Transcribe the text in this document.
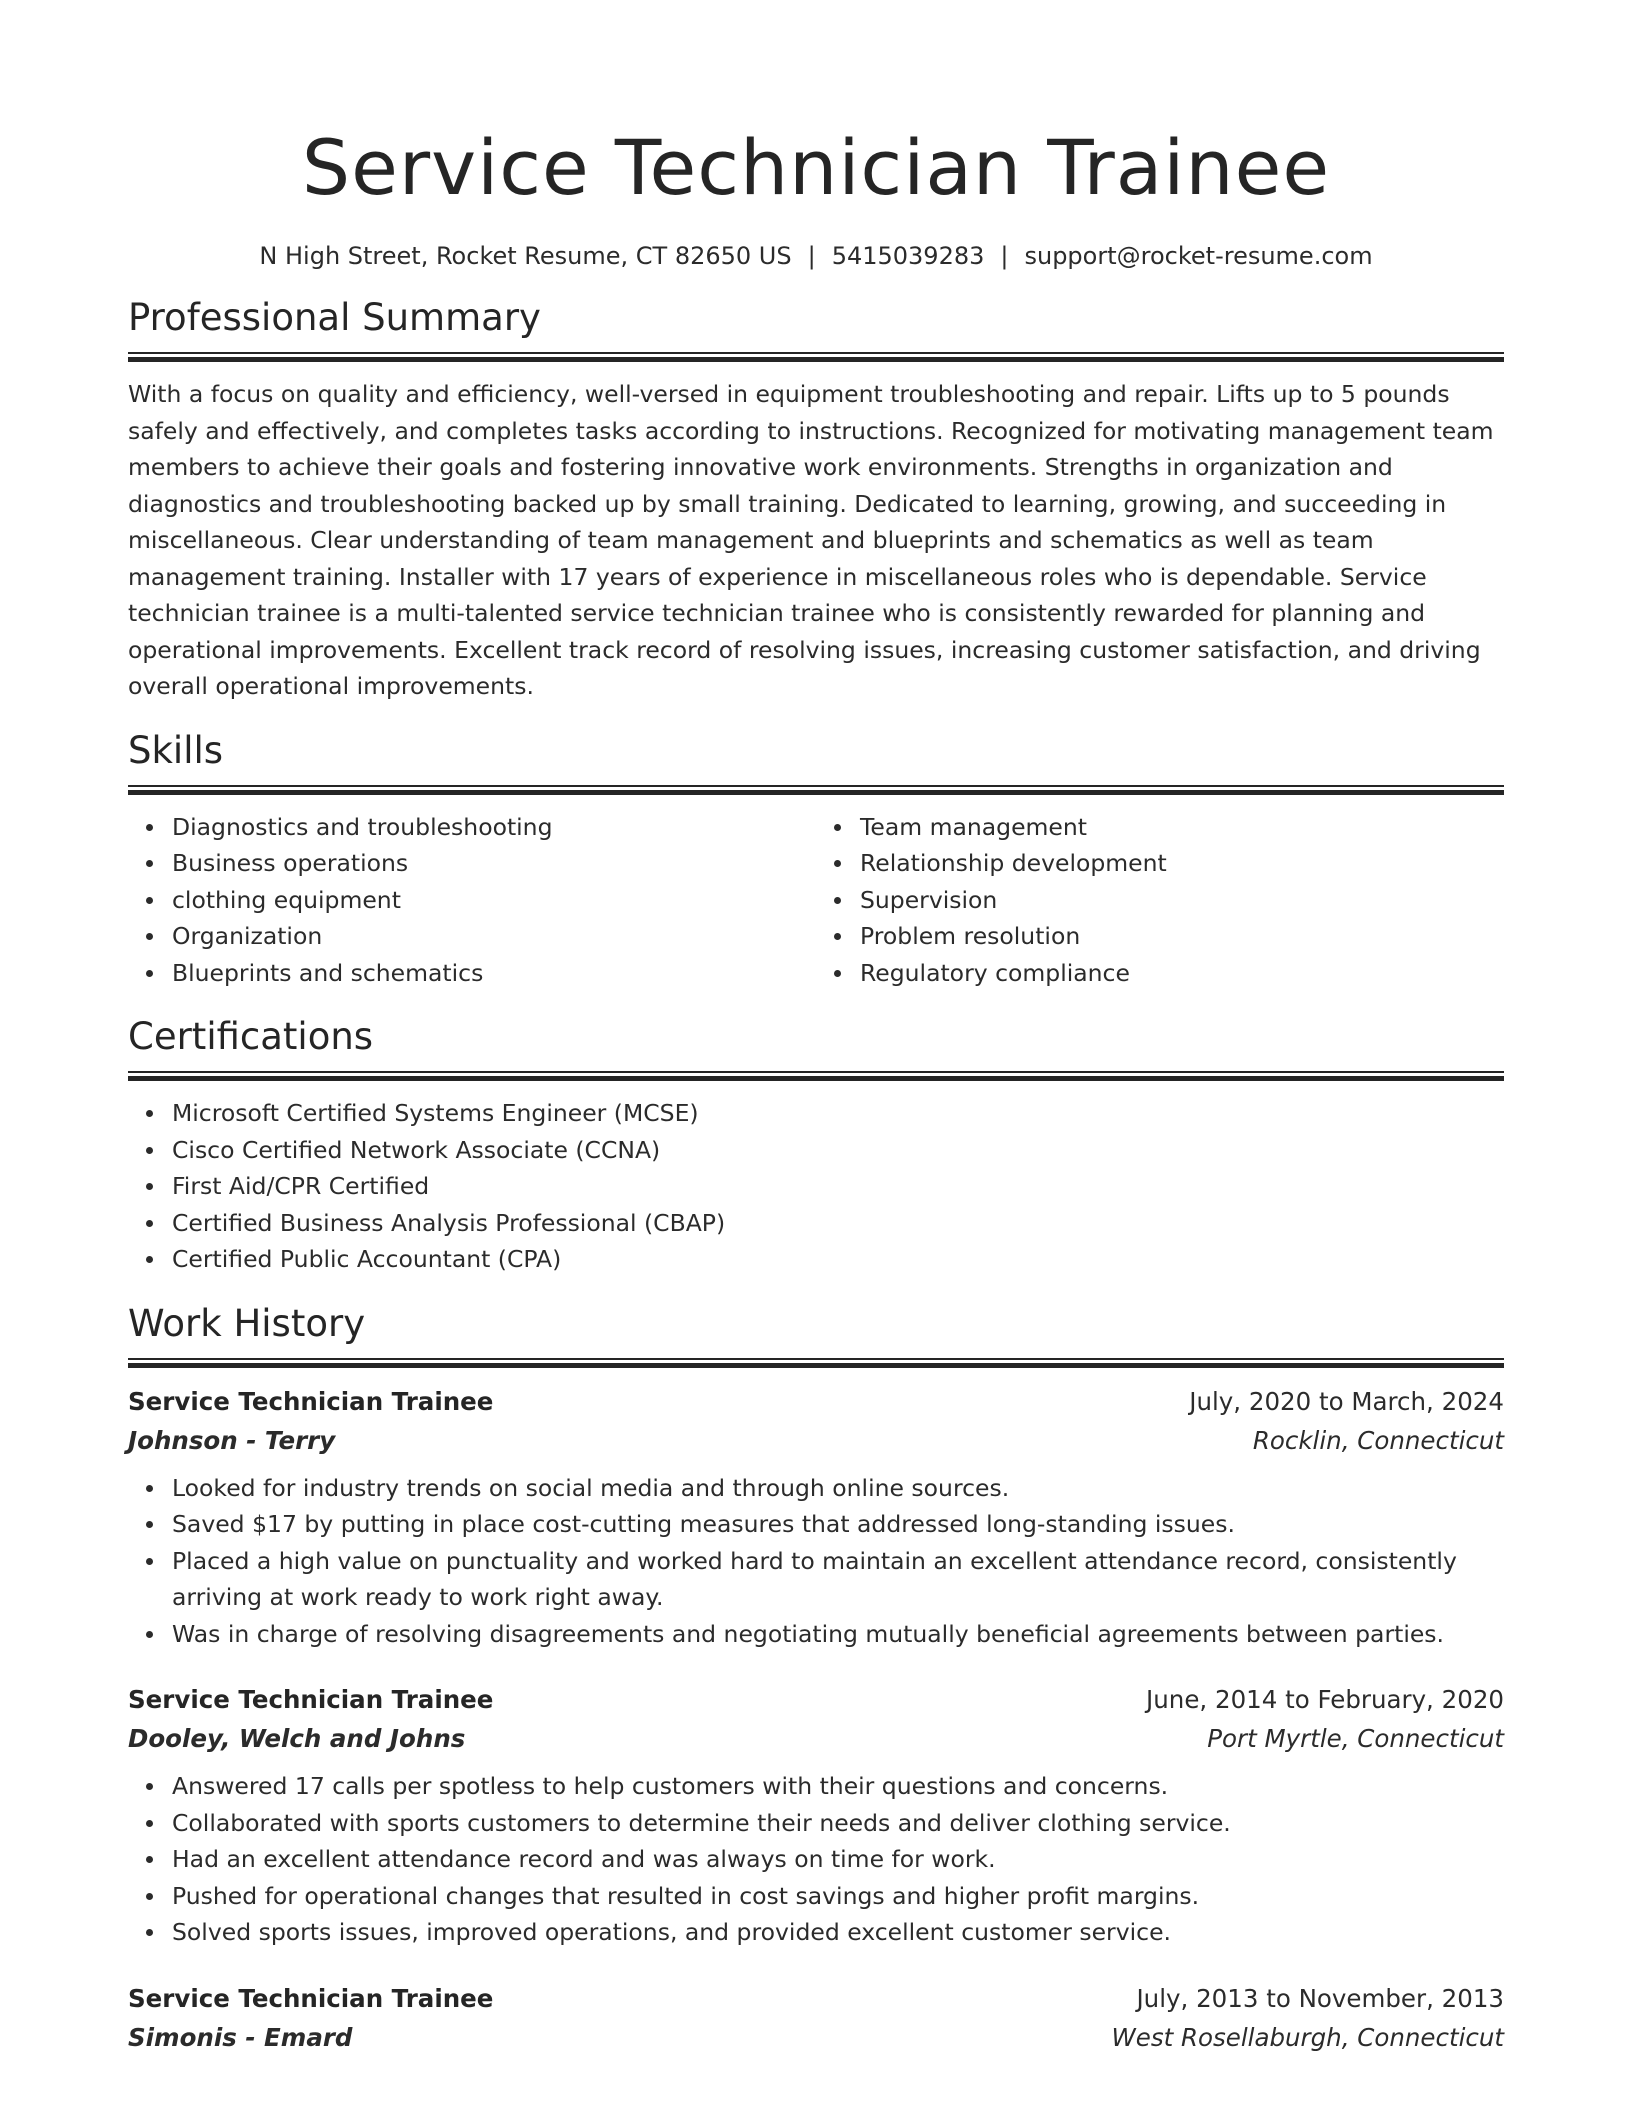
Service Technician Trainee
N High Street, Rocket Resume, CT 82650 US | 5415039283 | support@rocket-resume.com
Professional Summary

With a focus on quality and efficiency, well-versed in equipment troubleshooting and repair. Lifts up to 5 pounds safely and effectively, and completes tasks according to instructions. Recognized for motivating management team members to achieve their goals and fostering innovative work environments. Strengths in organization and diagnostics and troubleshooting backed up by small training. Dedicated to learning, growing, and succeeding in miscellaneous. Clear understanding of team management and blueprints and schematics as well as team management training. Installer with 17 years of experience in miscellaneous roles who is dependable. Service technician trainee is a multi-talented service technician trainee who is consistently rewarded for planning and operational improvements. Excellent track record of resolving issues, increasing customer satisfaction, and driving overall operational improvements.

Skills
Diagnostics and troubleshooting
Business operations
clothing equipment
Organization
Blueprints and schematics
Team management
Relationship development
Supervision
Problem resolution
Regulatory compliance
Certifications
Microsoft Certified Systems Engineer (MCSE)
Cisco Certified Network Associate (CCNA)
First Aid/CPR Certified
Certified Business Analysis Professional (CBAP)
Certified Public Accountant (CPA)
Work History
Service Technician Trainee	July, 2020 to March, 2024
Johnson - Terry	Rocklin, Connecticut
Looked for industry trends on social media and through online sources.
Saved $17 by putting in place cost-cutting measures that addressed long-standing issues.
Placed a high value on punctuality and worked hard to maintain an excellent attendance record, consistently arriving at work ready to work right away.
Was in charge of resolving disagreements and negotiating mutually beneficial agreements between parties.
Service Technician Trainee	June, 2014 to February, 2020
Dooley, Welch and Johns	Port Myrtle, Connecticut
Answered 17 calls per spotless to help customers with their questions and concerns.
Collaborated with sports customers to determine their needs and deliver clothing service.
Had an excellent attendance record and was always on time for work.
Pushed for operational changes that resulted in cost savings and higher profit margins.
Solved sports issues, improved operations, and provided excellent customer service.
Service Technician Trainee	July, 2013 to November, 2013
Simonis - Emard	West Rosellaburgh, Connecticut
